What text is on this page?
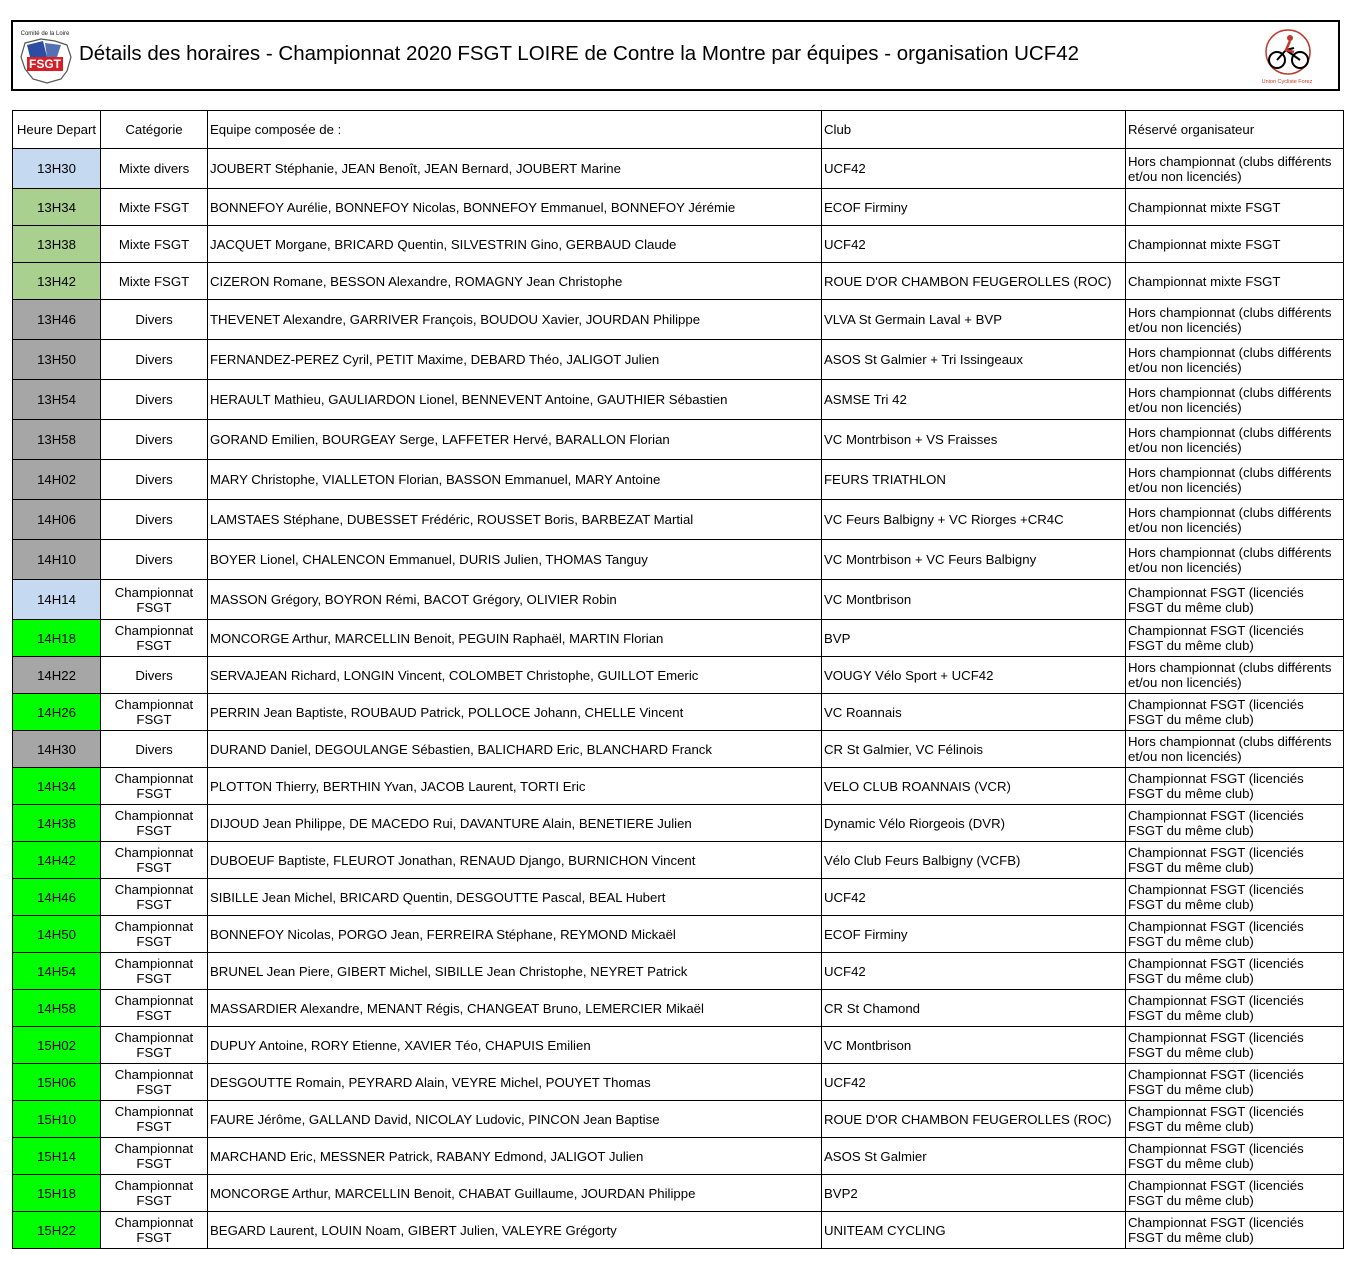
FSGT
Comité de la Loire
Détails des horaires - Championnat 2020 FSGT LOIRE de Contre la Montre par équipes - organisation UCF42
Union Cycliste Forez
Heure Depart	Catégorie	Equipe composée de :	Club	Réservé organisateur
13H30	Mixte divers	JOUBERT Stéphanie, JEAN Benoît, JEAN Bernard, JOUBERT Marine	UCF42	Hors championnat (clubs différents et/ou non licenciés)
13H34	Mixte FSGT	BONNEFOY Aurélie, BONNEFOY Nicolas, BONNEFOY Emmanuel, BONNEFOY Jérémie	ECOF Firminy	Championnat mixte FSGT
13H38	Mixte FSGT	JACQUET Morgane, BRICARD Quentin, SILVESTRIN Gino, GERBAUD Claude	UCF42	Championnat mixte FSGT
13H42	Mixte FSGT	CIZERON Romane, BESSON Alexandre, ROMAGNY Jean Christophe	ROUE D'OR CHAMBON FEUGEROLLES (ROC)	Championnat mixte FSGT
13H46	Divers	THEVENET Alexandre, GARRIVER François, BOUDOU Xavier, JOURDAN Philippe	VLVA St Germain Laval + BVP	Hors championnat (clubs différents et/ou non licenciés)
13H50	Divers	FERNANDEZ-PEREZ Cyril, PETIT Maxime, DEBARD Théo, JALIGOT Julien	ASOS St Galmier + Tri Issingeaux	Hors championnat (clubs différents et/ou non licenciés)
13H54	Divers	HERAULT Mathieu, GAULIARDON Lionel, BENNEVENT Antoine, GAUTHIER Sébastien	ASMSE Tri 42	Hors championnat (clubs différents et/ou non licenciés)
13H58	Divers	GORAND Emilien, BOURGEAY Serge, LAFFETER Hervé, BARALLON Florian	VC Montrbison + VS Fraisses	Hors championnat (clubs différents et/ou non licenciés)
14H02	Divers	MARY Christophe, VIALLETON Florian, BASSON Emmanuel, MARY Antoine	FEURS TRIATHLON	Hors championnat (clubs différents et/ou non licenciés)
14H06	Divers	LAMSTAES Stéphane, DUBESSET Frédéric, ROUSSET Boris, BARBEZAT Martial	VC Feurs Balbigny + VC Riorges +CR4C	Hors championnat (clubs différents et/ou non licenciés)
14H10	Divers	BOYER Lionel, CHALENCON Emmanuel, DURIS Julien, THOMAS Tanguy	VC Montrbison + VC Feurs Balbigny	Hors championnat (clubs différents et/ou non licenciés)
14H14	Championnat FSGT	MASSON Grégory, BOYRON Rémi, BACOT Grégory, OLIVIER Robin	VC Montbrison	Championnat FSGT (licenciés FSGT du même club)
14H18	Championnat FSGT	MONCORGE Arthur, MARCELLIN Benoit, PEGUIN Raphaël, MARTIN Florian	BVP	Championnat FSGT (licenciés FSGT du même club)
14H22	Divers	SERVAJEAN Richard, LONGIN Vincent, COLOMBET Christophe, GUILLOT Emeric	VOUGY Vélo Sport + UCF42	Hors championnat (clubs différents et/ou non licenciés)
14H26	Championnat FSGT	PERRIN Jean Baptiste, ROUBAUD Patrick, POLLOCE Johann, CHELLE Vincent	VC Roannais	Championnat FSGT (licenciés FSGT du même club)
14H30	Divers	DURAND Daniel, DEGOULANGE Sébastien, BALICHARD Eric, BLANCHARD Franck	CR St Galmier, VC Félinois	Hors championnat (clubs différents et/ou non licenciés)
14H34	Championnat FSGT	PLOTTON Thierry, BERTHIN Yvan, JACOB Laurent, TORTI Eric	VELO CLUB ROANNAIS (VCR)	Championnat FSGT (licenciés FSGT du même club)
14H38	Championnat FSGT	DIJOUD Jean Philippe, DE MACEDO Rui, DAVANTURE Alain, BENETIERE Julien	Dynamic Vélo Riorgeois (DVR)	Championnat FSGT (licenciés FSGT du même club)
14H42	Championnat FSGT	DUBOEUF Baptiste, FLEUROT Jonathan, RENAUD Django, BURNICHON Vincent	Vélo Club Feurs Balbigny (VCFB)	Championnat FSGT (licenciés FSGT du même club)
14H46	Championnat FSGT	SIBILLE Jean Michel, BRICARD Quentin, DESGOUTTE Pascal, BEAL Hubert	UCF42	Championnat FSGT (licenciés FSGT du même club)
14H50	Championnat FSGT	BONNEFOY Nicolas, PORGO Jean, FERREIRA Stéphane, REYMOND Mickaël	ECOF Firminy	Championnat FSGT (licenciés FSGT du même club)
14H54	Championnat FSGT	BRUNEL Jean Piere, GIBERT Michel, SIBILLE Jean Christophe, NEYRET Patrick	UCF42	Championnat FSGT (licenciés FSGT du même club)
14H58	Championnat FSGT	MASSARDIER Alexandre, MENANT Régis, CHANGEAT Bruno, LEMERCIER Mikaël	CR St Chamond	Championnat FSGT (licenciés FSGT du même club)
15H02	Championnat FSGT	DUPUY Antoine, RORY Etienne, XAVIER Téo, CHAPUIS Emilien	VC Montbrison	Championnat FSGT (licenciés FSGT du même club)
15H06	Championnat FSGT	DESGOUTTE Romain, PEYRARD Alain, VEYRE Michel, POUYET Thomas	UCF42	Championnat FSGT (licenciés FSGT du même club)
15H10	Championnat FSGT	FAURE Jérôme, GALLAND David, NICOLAY Ludovic, PINCON Jean Baptise	ROUE D'OR CHAMBON FEUGEROLLES (ROC)	Championnat FSGT (licenciés FSGT du même club)
15H14	Championnat FSGT	MARCHAND Eric, MESSNER Patrick, RABANY Edmond, JALIGOT Julien	ASOS St Galmier	Championnat FSGT (licenciés FSGT du même club)
15H18	Championnat FSGT	MONCORGE Arthur, MARCELLIN Benoit, CHABAT Guillaume, JOURDAN Philippe	BVP2	Championnat FSGT (licenciés FSGT du même club)
15H22	Championnat FSGT	BEGARD Laurent, LOUIN Noam, GIBERT Julien, VALEYRE Grégorty	UNITEAM CYCLING	Championnat FSGT (licenciés FSGT du même club)
